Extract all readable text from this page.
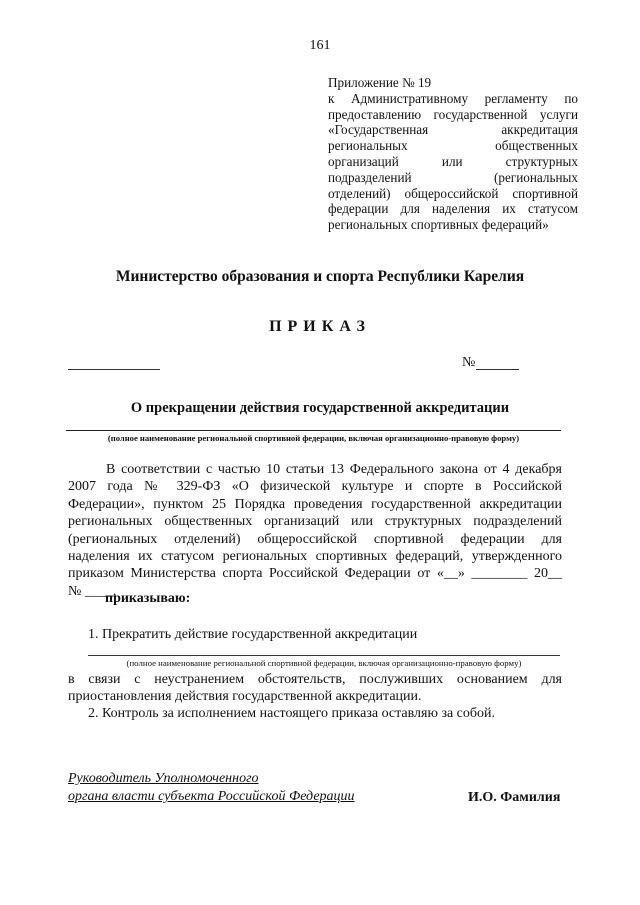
161
Приложение № 19
к Административному регламенту по
предоставлению государственной услуги
«Государственная аккредитация
региональных общественных
организаций или структурных
подразделений (региональных
отделений) общероссийской спортивной
федерации для наделения их статусом
региональных спортивных федераций»
Министерство образования и спорта Республики Карелия
ПРИКАЗ
№
О прекращении действия государственной аккредитации
(полное наименование региональной спортивной федерации, включая организационно-правовую форму)
В соответствии с частью 10 статьи 13 Федерального закона от 4 декабря
2007 года № 329-ФЗ «О физической культуре и спорте в Российской
Федерации», пунктом 25 Порядка проведения государственной аккредитации
региональных общественных организаций или структурных подразделений
(региональных отделений) общероссийской спортивной федерации для
наделения их статусом региональных спортивных федераций, утвержденного
приказом Министерства спорта Российской Федерации от «__» ________ 20__
№ ____,
приказываю:
1. Прекратить действие государственной аккредитации
(полное наименование региональной спортивной федерации, включая организационно-правовую форму)
в связи с неустранением обстоятельств, послуживших основанием для
приостановления действия государственной аккредитации.
2. Контроль за исполнением настоящего приказа оставляю за собой.
Руководитель Уполномоченного
органа власти субъекта Российской Федерации	И.О. Фамилия
